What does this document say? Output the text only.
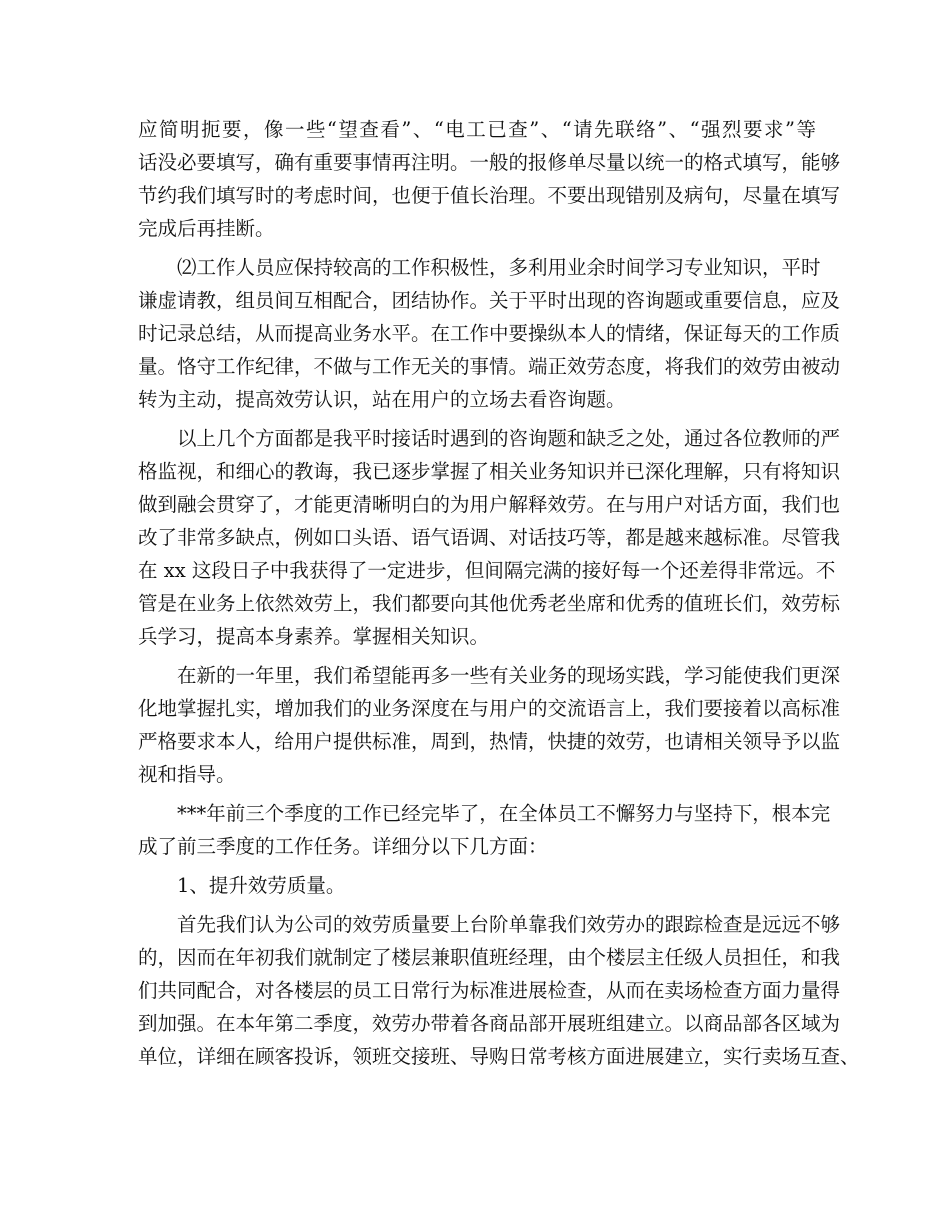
应简明扼要，像一些“望查看”、“电工已查”、“请先联络”、“强烈要求”等
话没必要填写，确有重要事情再注明。一般的报修单尽量以统一的格式填写，能够
节约我们填写时的考虑时间，也便于值长治理。不要出现错别及病句，尽量在填写
完成后再挂断。
⑵工作人员应保持较高的工作积极性，多利用业余时间学习专业知识，平时
谦虚请教，组员间互相配合，团结协作。关于平时出现的咨询题或重要信息，应及
时记录总结，从而提高业务水平。在工作中要操纵本人的情绪，保证每天的工作质
量。恪守工作纪律，不做与工作无关的事情。端正效劳态度，将我们的效劳由被动
转为主动，提高效劳认识，站在用户的立场去看咨询题。
以上几个方面都是我平时接话时遇到的咨询题和缺乏之处，通过各位教师的严
格监视，和细心的教诲，我已逐步掌握了相关业务知识并已深化理解，只有将知识
做到融会贯穿了，才能更清晰明白的为用户解释效劳。在与用户对话方面，我们也
改了非常多缺点，例如口头语、语气语调、对话技巧等，都是越来越标准。尽管我
在 xx 这段日子中我获得了一定进步，但间隔完满的接好每一个还差得非常远。不
管是在业务上依然效劳上，我们都要向其他优秀老坐席和优秀的值班长们，效劳标
兵学习，提高本身素养。掌握相关知识。
在新的一年里，我们希望能再多一些有关业务的现场实践，学习能使我们更深
化地掌握扎实，增加我们的业务深度在与用户的交流语言上，我们要接着以高标准
严格要求本人，给用户提供标准，周到，热情，快捷的效劳，也请相关领导予以监
视和指导。
***年前三个季度的工作已经完毕了，在全体员工不懈努力与坚持下，根本完
成了前三季度的工作任务。详细分以下几方面：
1、提升效劳质量。
首先我们认为公司的效劳质量要上台阶单靠我们效劳办的跟踪检查是远远不够
的，因而在年初我们就制定了楼层兼职值班经理，由个楼层主任级人员担任，和我
们共同配合，对各楼层的员工日常行为标准进展检查，从而在卖场检查方面力量得
到加强。在本年第二季度，效劳办带着各商品部开展班组建立。以商品部各区域为
单位，详细在顾客投诉，领班交接班、导购日常考核方面进展建立，实行卖场互查、
